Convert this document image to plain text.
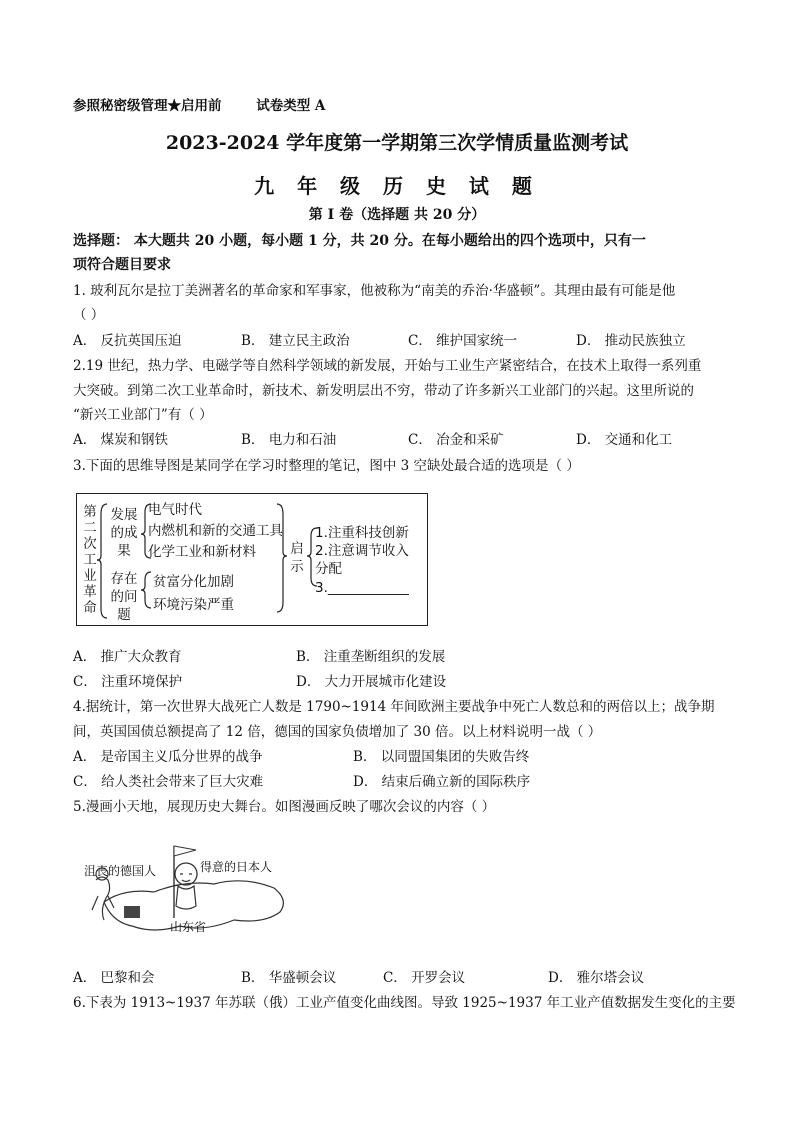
参照秘密级管理★启用前	试卷类型 A
2023-2024 学年度第一学期第三次学情质量监测考试
九 年 级 历 史 试 题
第 I 卷（选择题 共 20 分）
选择题： 本大题共 20 小题，每小题 1 分，共 20 分。在每小题给出的四个选项中，只有一
项符合题目要求
1. 玻利瓦尔是拉丁美洲著名的革命家和军事家，他被称为“南美的乔治·华盛顿”。其理由最有可能是他
（ ）
A． 反抗英国压迫	B． 建立民主政治	C． 维护国家统一	D． 推动民族独立
2.19 世纪，热力学、电磁学等自然科学领域的新发展，开始与工业生产紧密结合，在技术上取得一系列重
大突破。到第二次工业革命时，新技术、新发明层出不穷，带动了许多新兴工业部门的兴起。这里所说的
“新兴工业部门”有（ ）
A． 煤炭和钢铁	B． 电力和石油	C． 冶金和采矿	D． 交通和化工
3.下面的思维导图是某同学在学习时整理的笔记，图中 3 空缺处最合适的选项是（ ）
第二次工业革命
发展的成果
存在的问题
电气时代
内燃机和新的交通工具
化学工业和新材料
贫富分化加剧
环境污染严重
启示
1.注重科技创新
2.注意调节收入
分配
3.____________
A． 推广大众教育	B． 注重垄断组织的发展
C． 注重环境保护	D． 大力开展城市化建设
4.据统计，第一次世界大战死亡人数是 1790~1914 年间欧洲主要战争中死亡人数总和的两倍以上；战争期
间，英国国债总额提高了 12 倍，德国的国家负债增加了 30 倍。以上材料说明一战（ ）
A． 是帝国主义瓜分世界的战争	B． 以同盟国集团的失败告终
C． 给人类社会带来了巨大灾难	D． 结束后确立新的国际秩序
5.漫画小天地，展现历史大舞台。如图漫画反映了哪次会议的内容（ ）
沮丧的德国人	得意的日本人
山东省
A． 巴黎和会	B． 华盛顿会议	C． 开罗会议	D． 雅尔塔会议
6.下表为 1913~1937 年苏联（俄）工业产值变化曲线图。导致 1925~1937 年工业产值数据发生变化的主要
